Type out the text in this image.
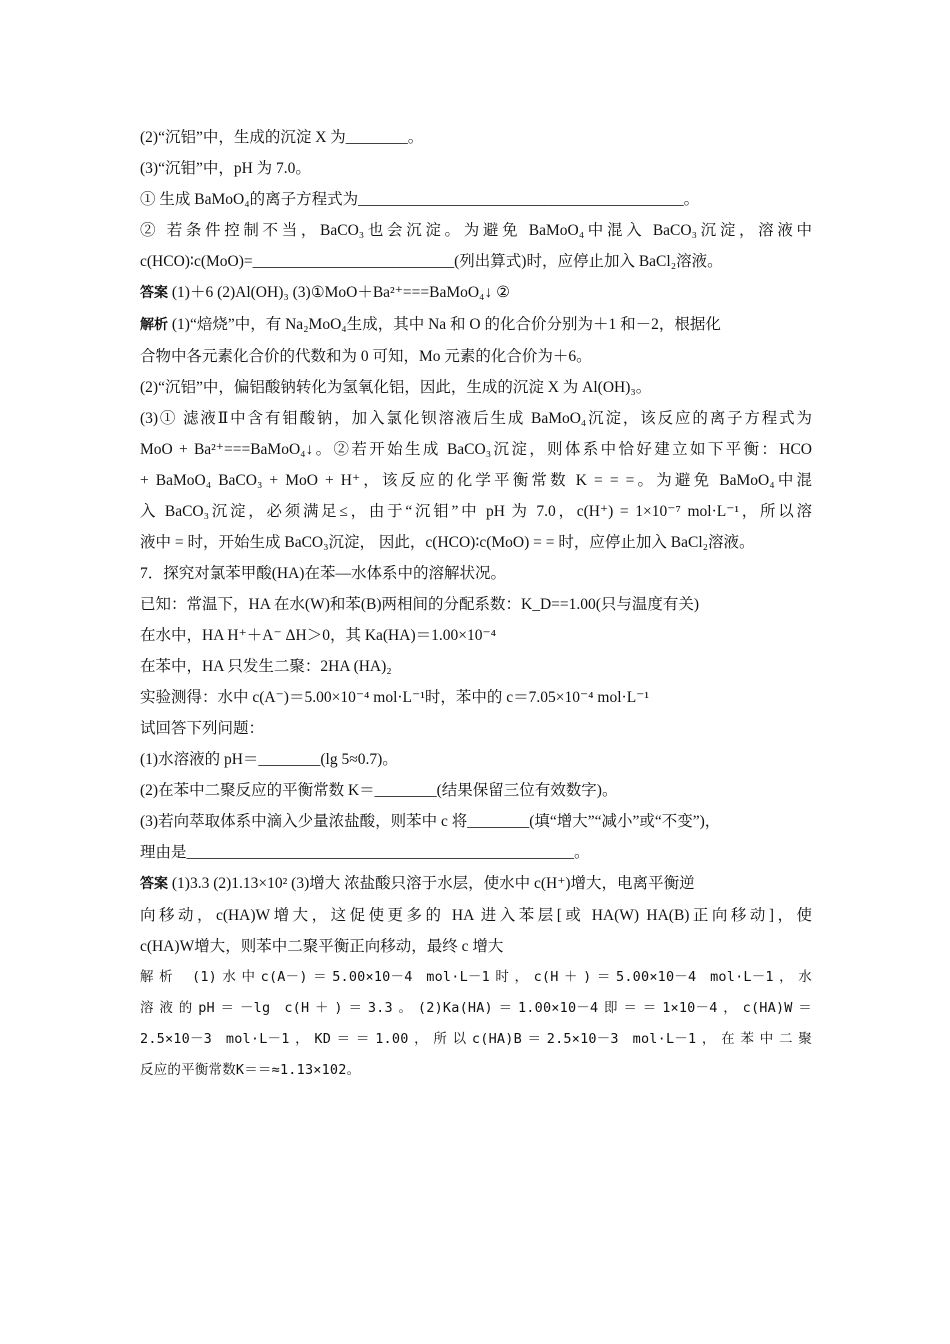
(2)“沉铝”中，生成的沉淀 X 为________。
(3)“沉钼”中，pH 为 7.0。
① 生成 BaMoO₄的离子方程式为__________________________________________。
② 若条件控制不当，BaCO₃也会沉淀。为避免 BaMoO₄中混入 BaCO₃沉淀，溶液中
c(HCO)∶c(MoO)=__________________________(列出算式)时，应停止加入 BaCl₂溶液。
答案 (1)＋6 (2)Al(OH)₃ (3)①MoO＋Ba²⁺===BaMoO₄↓ ②
解析 (1)“焙烧”中，有 Na₂MoO₄生成，其中 Na 和 O 的化合价分别为＋1 和－2，根据化
合物中各元素化合价的代数和为 0 可知，Mo 元素的化合价为＋6。
(2)“沉铝”中，偏铝酸钠转化为氢氧化铝，因此，生成的沉淀 X 为 Al(OH)₃。
(3)① 滤液Ⅱ中含有钼酸钠，加入氯化钡溶液后生成 BaMoO₄沉淀，该反应的离子方程式为
MoO + Ba²⁺===BaMoO₄↓。②若开始生成 BaCO₃沉淀，则体系中恰好建立如下平衡：HCO
+ BaMoO₄ BaCO₃ + MoO + H⁺，该反应的化学平衡常数 K = = =。为避免 BaMoO₄中混
入 BaCO₃沉淀，必须满足≤，由于“沉钼”中 pH 为 7.0，c(H⁺) = 1×10⁻⁷ mol·L⁻¹，所以溶
液中 = 时，开始生成 BaCO₃沉淀， 因此，c(HCO)∶c(MoO) = = 时，应停止加入 BaCl₂溶液。
7．探究对氯苯甲酸(HA)在苯—水体系中的溶解状况。
已知：常温下，HA 在水(W)和苯(B)两相间的分配系数：K_D==1.00(只与温度有关)
在水中，HA H⁺＋A⁻ ΔH＞0，其 Ka(HA)＝1.00×10⁻⁴
在苯中，HA 只发生二聚：2HA (HA)₂
实验测得：水中 c(A⁻)＝5.00×10⁻⁴ mol·L⁻¹时，苯中的 c＝7.05×10⁻⁴ mol·L⁻¹
试回答下列问题：
(1)水溶液的 pH＝________(lg 5≈0.7)。
(2)在苯中二聚反应的平衡常数 K＝________(结果保留三位有效数字)。
(3)若向萃取体系中滴入少量浓盐酸，则苯中 c 将________(填“增大”“减小”或“不变”)，
理由是__________________________________________________。
答案 (1)3.3 (2)1.13×10² (3)增大 浓盐酸只溶于水层，使水中 c(H⁺)增大，电离平衡逆
向移动，c(HA)W增大，这促使更多的 HA 进入苯层[或 HA(W) HA(B)正向移动]，使
c(HA)W增大，则苯中二聚平衡正向移动，最终 c 增大
解析 (1)水中c(A－)＝5.00×10－4 mol·L－1时，c(H＋)＝5.00×10－4 mol·L－1，水
溶液的pH＝－lg c(H＋)＝3.3。(2)Ka(HA)＝1.00×10－4即＝＝1×10－4，c(HA)W＝
2.5×10－3 mol·L－1，KD＝＝1.00，所以c(HA)B＝2.5×10－3 mol·L－1，在苯中二聚
反应的平衡常数K＝＝≈1.13×102。
